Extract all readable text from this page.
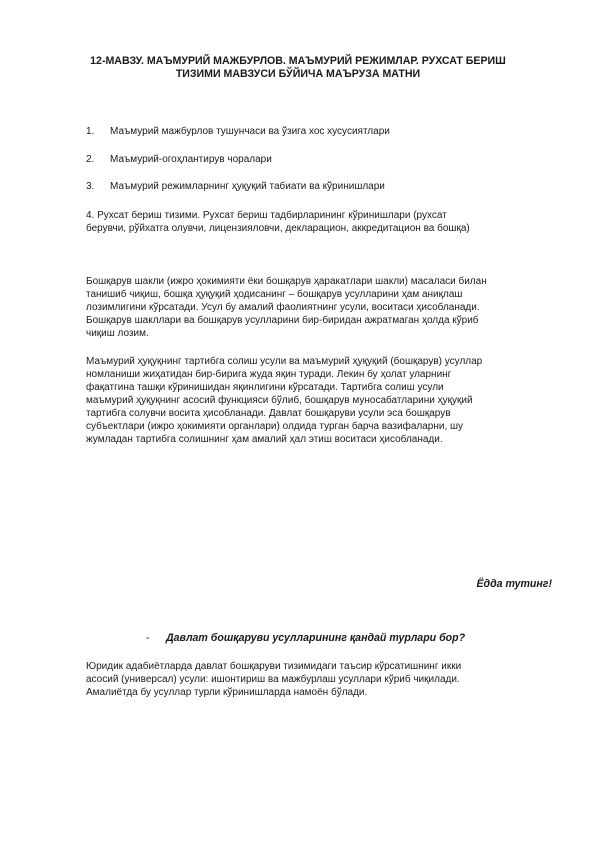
12-МАВЗУ. МАЪМУРИЙ МАЖБУРЛОВ. МАЪМУРИЙ РЕЖИМЛАР. РУХСАТ БЕРИШ
ТИЗИМИ МАВЗУСИ БЎЙИЧА МАЪРУЗА МАТНИ
1. Маъмурий мажбурлов тушунчаси ва ўзига хос хусусиятлари
2. Маъмурий-огоҳлантирув чоралари
3. Маъмурий режимларнинг ҳуқуқий табиати ва кўринишлари
4. Рухсат бериш тизими. Рухсат бериш тадбирларининг кўринишлари (рухсат
берувчи, рўйхатга олувчи, лицензияловчи, декларацион, аккредитацион ва бошқа)
Бошқарув шакли (ижро ҳокимияти ёки бошқарув ҳаракатлари шакли) масаласи билан
танишиб чиқиш, бошқа ҳуқуқий ҳодисанинг – бошқарув усулларини ҳам аниқлаш
лозимлигини кўрсатади. Усул бу амалий фаолиятнинг усули, воситаси ҳисобланади.
Бошқарув шакллари ва бошқарув усулларини бир-биридан ажратмаган ҳолда кўриб
чиқиш лозим.
Маъмурий ҳуқуқнинг тартибга солиш усули ва маъмурий ҳуқуқий (бошқарув) усуллар
номланиши жиҳатидан бир-бирига жуда яқин туради. Лекин бу ҳолат уларнинг
фақатгина ташқи кўринишидан яқинлигини кўрсатади. Тартибга солиш усули
маъмурий ҳуқуқнинг асосий функцияси бўлиб, бошқарув муносабатларини ҳуқуқий
тартибга солувчи восита ҳисобланади. Давлат бошқаруви усули эса бошқарув
субъектлари (ижро ҳокимияти органлари) олдида турган барча вазифаларни, шу
жумладан тартибга солишнинг ҳам амалий ҳал этиш воситаси ҳисобланади.
Ёдда тутинг!
- Давлат бошқаруви усулларининг қандай турлари бор?
Юридик адабиётларда давлат бошқаруви тизимидаги таъсир кўрсатишнинг икки
асосий (универсал) усули: ишонтириш ва мажбурлаш усуллари кўриб чиқилади.
Амалиётда бу усуллар турли кўринишларда намоён бўлади.
